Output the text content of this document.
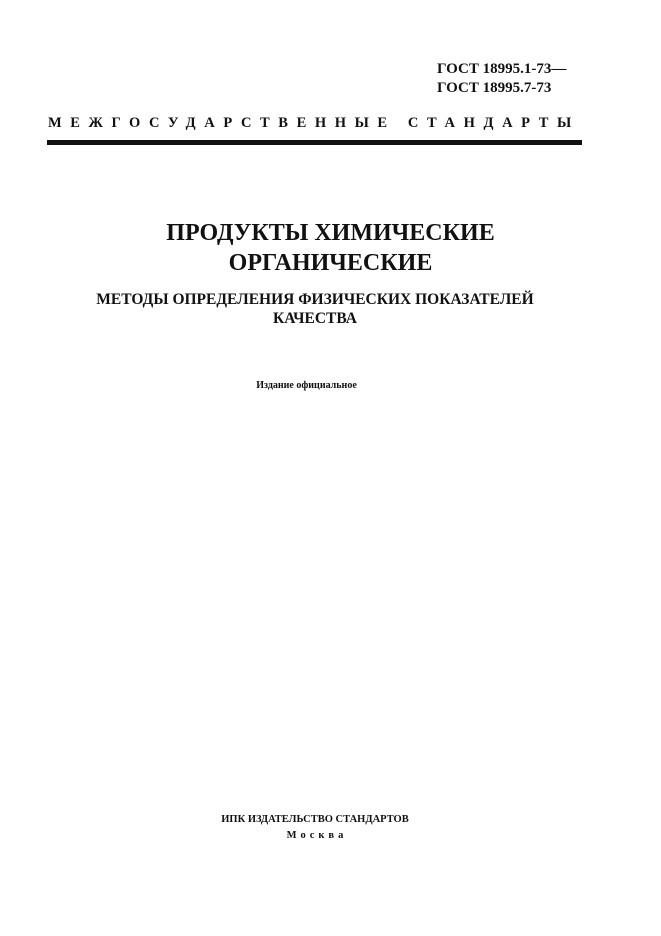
ГОСТ 18995.1-73—
ГОСТ 18995.7-73
МЕЖГОСУДАРСТВЕННЫЕ СТАНДАРТЫ
ПРОДУКТЫ ХИМИЧЕСКИЕ
ОРГАНИЧЕСКИЕ
МЕТОДЫ ОПРЕДЕЛЕНИЯ ФИЗИЧЕСКИХ ПОКАЗАТЕЛЕЙ
КАЧЕСТВА
Издание официальное
ИПК ИЗДАТЕЛЬСТВО СТАНДАРТОВ
Москва
